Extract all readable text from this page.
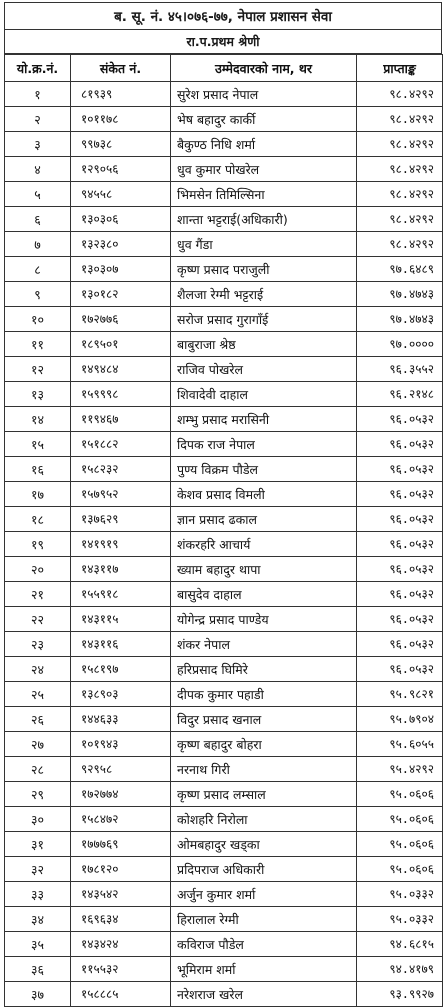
ब. सू. नं. ४५।०७६-७७, नेपाल प्रशासन सेवा
रा.प.प्रथम श्रेणी
यो.क्र.नं.	संकेत नं.	उम्मेदवारको नाम, थर	प्राप्ताङ्क
१	८१९३९	सुरेश प्रसाद नेपाल	९८.४२९२
२	१०११७८	भेष बहादुर कार्की	९८.४२९२
३	९९७३८	बैकुण्ठ निधि शर्मा	९८.४२९२
४	१२९०५६	धुव कुमार पोखरेल	९८.४२९२
५	९४५५८	भिमसेन तिमिल्सिना	९८.४२९२
६	१३०३०६	शान्ता भट्टराई(अधिकारी)	९८.४२९२
७	१३२३८०	धुव गैंडा	९८.४२९२
८	१३०३०७	कृष्ण प्रसाद पराजुली	९७.६४८९
९	१३०१८२	शैलजा रेग्मी भट्टराई	९७.४७४३
१०	१७२७७६	सरोज प्रसाद गुरागाँई	९७.४७४३
११	१८९५०१	बाबुराजा श्रेष्ठ	९७.००००
१२	१४९४८४	राजिव पोखरेल	९६.३५५२
१३	१५९९९८	शिवादेवी दाहाल	९६.२१४८
१४	११९४६७	शम्भु प्रसाद मरासिनी	९६.०५३२
१५	१५१८८२	दिपक राज नेपाल	९६.०५३२
१६	१५८२३२	पुण्य विक्रम पौडेल	९६.०५३२
१७	१५७९५२	केशव प्रसाद विमली	९६.०५३२
१८	१३७६२९	ज्ञान प्रसाद ढकाल	९६.०५३२
१९	१४१९१९	शंकरहरि आचार्य	९६.०५३२
२०	१४३११७	ख्याम बहादुर थापा	९६.०५३२
२१	१५५९१८	बासुदेव दाहाल	९६.०५३२
२२	१४३११५	योगेन्द्र प्रसाद पाण्डेय	९६.०५३२
२३	१४३११६	शंकर नेपाल	९६.०५३२
२४	१५८१९७	हरिप्रसाद घिमिरे	९६.०५३२
२५	१३८९०३	दीपक कुमार पहाडी	९५.९८२१
२६	१४४६३३	विदुर प्रसाद खनाल	९५.७९०४
२७	१०१९४३	कृष्ण बहादुर बोहरा	९५.६०५५
२८	९२९५८	नरनाथ गिरी	९५.४२९२
२९	१७२७७४	कृष्ण प्रसाद लम्साल	९५.०६०६
३०	१५८४७२	कोशहरि निरोला	९५.०६०६
३१	१७७७६९	ओमबहादुर खड्का	९५.०६०६
३२	१७८१२०	प्रदिपराज अधिकारी	९५.०६०६
३३	१४३५४२	अर्जुन कुमार शर्मा	९५.०३३२
३४	१६९६३४	हिरालाल रेग्मी	९५.०३३२
३५	१४३४२४	कविराज पौडेल	९४.६८१५
३६	११५५३२	भूमिराम शर्मा	९४.४१७९
३७	१५८८८५	नरेशराज खरेल	९३.९९२७
